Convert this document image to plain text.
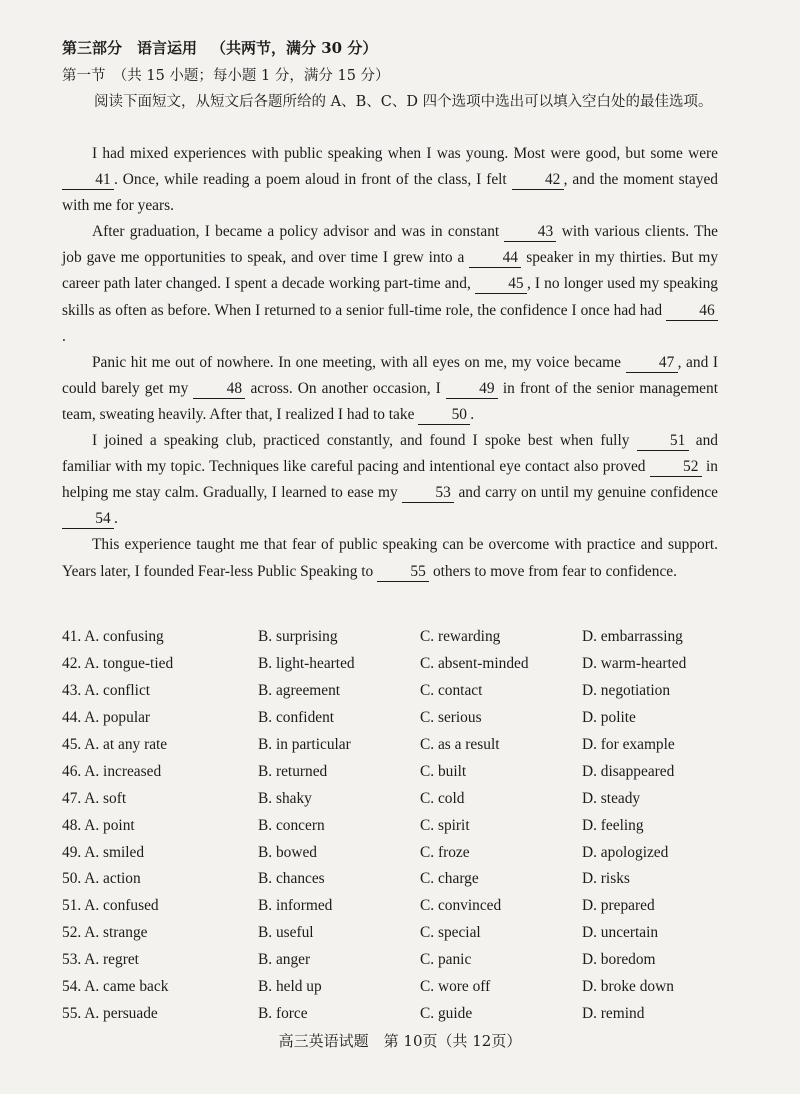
第三部分　语言运用 （共两节，满分 30 分）
第一节　（共 15 小题；每小题 1 分，满分 15 分）

阅读下面短文，从短文后各题所给的 A、B、C、D 四个选项中选出可以填入空白处的最佳选项。

I had mixed experiences with public speaking when I was young. Most were good, but some were 41 . Once, while reading a poem aloud in front of the class, I felt 42 , and the moment stayed with me for years.

After graduation, I became a policy advisor and was in constant 43 with various clients. The job gave me opportunities to speak, and over time I grew into a 44 speaker in my thirties. But my career path later changed. I spent a decade working part-time and, 45 , I no longer used my speaking skills as often as before. When I returned to a senior full-time role, the confidence I once had had 46.

Panic hit me out of nowhere. In one meeting, with all eyes on me, my voice became 47 , and I could barely get my 48 across. On another occasion, I 49 in front of the senior management team, sweating heavily. After that, I realized I had to take 50 .

I joined a speaking club, practiced constantly, and found I spoke best when fully 51 and familiar with my topic. Techniques like careful pacing and intentional eye contact also proved 52 in helping me stay calm. Gradually, I learned to ease my 53 and carry on until my genuine confidence 54 .

This experience taught me that fear of public speaking can be overcome with practice and support. Years later, I founded Fear-less Public Speaking to 55 others to move from fear to confidence.

41. A. confusing	B. surprising	C. rewarding	D. embarrassing
42. A. tongue-tied	B. light-hearted	C. absent-minded	D. warm-hearted
43. A. conflict	B. agreement	C. contact	D. negotiation
44. A. popular	B. confident	C. serious	D. polite
45. A. at any rate	B. in particular	C. as a result	D. for example
46. A. increased	B. returned	C. built	D. disappeared
47. A. soft	B. shaky	C. cold	D. steady
48. A. point	B. concern	C. spirit	D. feeling
49. A. smiled	B. bowed	C. froze	D. apologized
50. A. action	B. chances	C. charge	D. risks
51. A. confused	B. informed	C. convinced	D. prepared
52. A. strange	B. useful	C. special	D. uncertain
53. A. regret	B. anger	C. panic	D. boredom
54. A. came back	B. held up	C. wore off	D. broke down
55. A. persuade	B. force	C. guide	D. remind
高三英语试题　第 10页（共 12页）
